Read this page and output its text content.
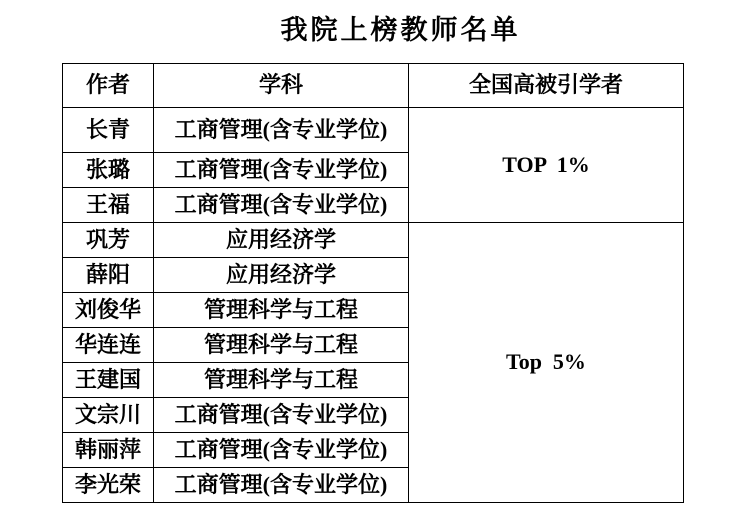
我院上榜教师名单
作者	学科	全国高被引学者
长青	工商管理(含专业学位)	TOP  1%
张璐	工商管理(含专业学位)	
王福	工商管理(含专业学位)	
巩芳	应用经济学	Top  5%
薛阳	应用经济学	
刘俊华	管理科学与工程	
华连连	管理科学与工程	
王建国	管理科学与工程	
文宗川	工商管理(含专业学位)	
韩丽萍	工商管理(含专业学位)	
李光荣	工商管理(含专业学位)	
